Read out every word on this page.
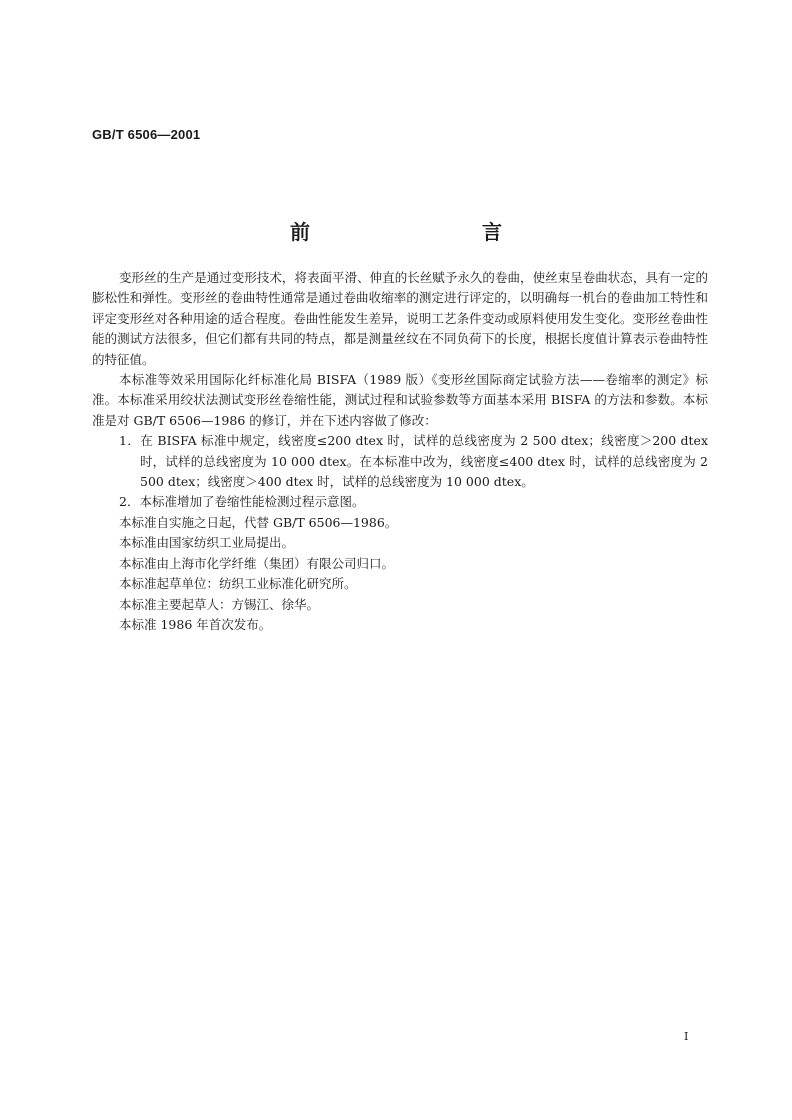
GB/T 6506—2001
前　　言

变形丝的生产是通过变形技术，将表面平滑、伸直的长丝赋予永久的卷曲，使丝束呈卷曲状态，具有一定的膨松性和弹性。变形丝的卷曲特性通常是通过卷曲收缩率的测定进行评定的，以明确每一机台的卷曲加工特性和评定变形丝对各种用途的适合程度。卷曲性能发生差异，说明工艺条件变动或原料使用发生变化。变形丝卷曲性能的测试方法很多，但它们都有共同的特点，都是测量丝纹在不同负荷下的长度，根据长度值计算表示卷曲特性的特征值。

本标准等效采用国际化纤标准化局 BISFA（1989 版）《变形丝国际商定试验方法——卷缩率的测定》标准。本标准采用绞状法测试变形丝卷缩性能，测试过程和试验参数等方面基本采用 BISFA 的方法和参数。本标准是对 GB/T 6506—1986 的修订，并在下述内容做了修改：

1．在 BISFA 标准中规定，线密度≤200 dtex 时，试样的总线密度为 2 500 dtex；线密度＞200 dtex 时，试样的总线密度为 10 000 dtex。在本标准中改为，线密度≤400 dtex 时，试样的总线密度为 2 500 dtex；线密度＞400 dtex 时，试样的总线密度为 10 000 dtex。

2．本标准增加了卷缩性能检测过程示意图。

本标准自实施之日起，代替 GB/T 6506—1986。

本标准由国家纺织工业局提出。

本标准由上海市化学纤维（集团）有限公司归口。

本标准起草单位：纺织工业标准化研究所。

本标准主要起草人：方锡江、徐华。

本标准 1986 年首次发布。

I
